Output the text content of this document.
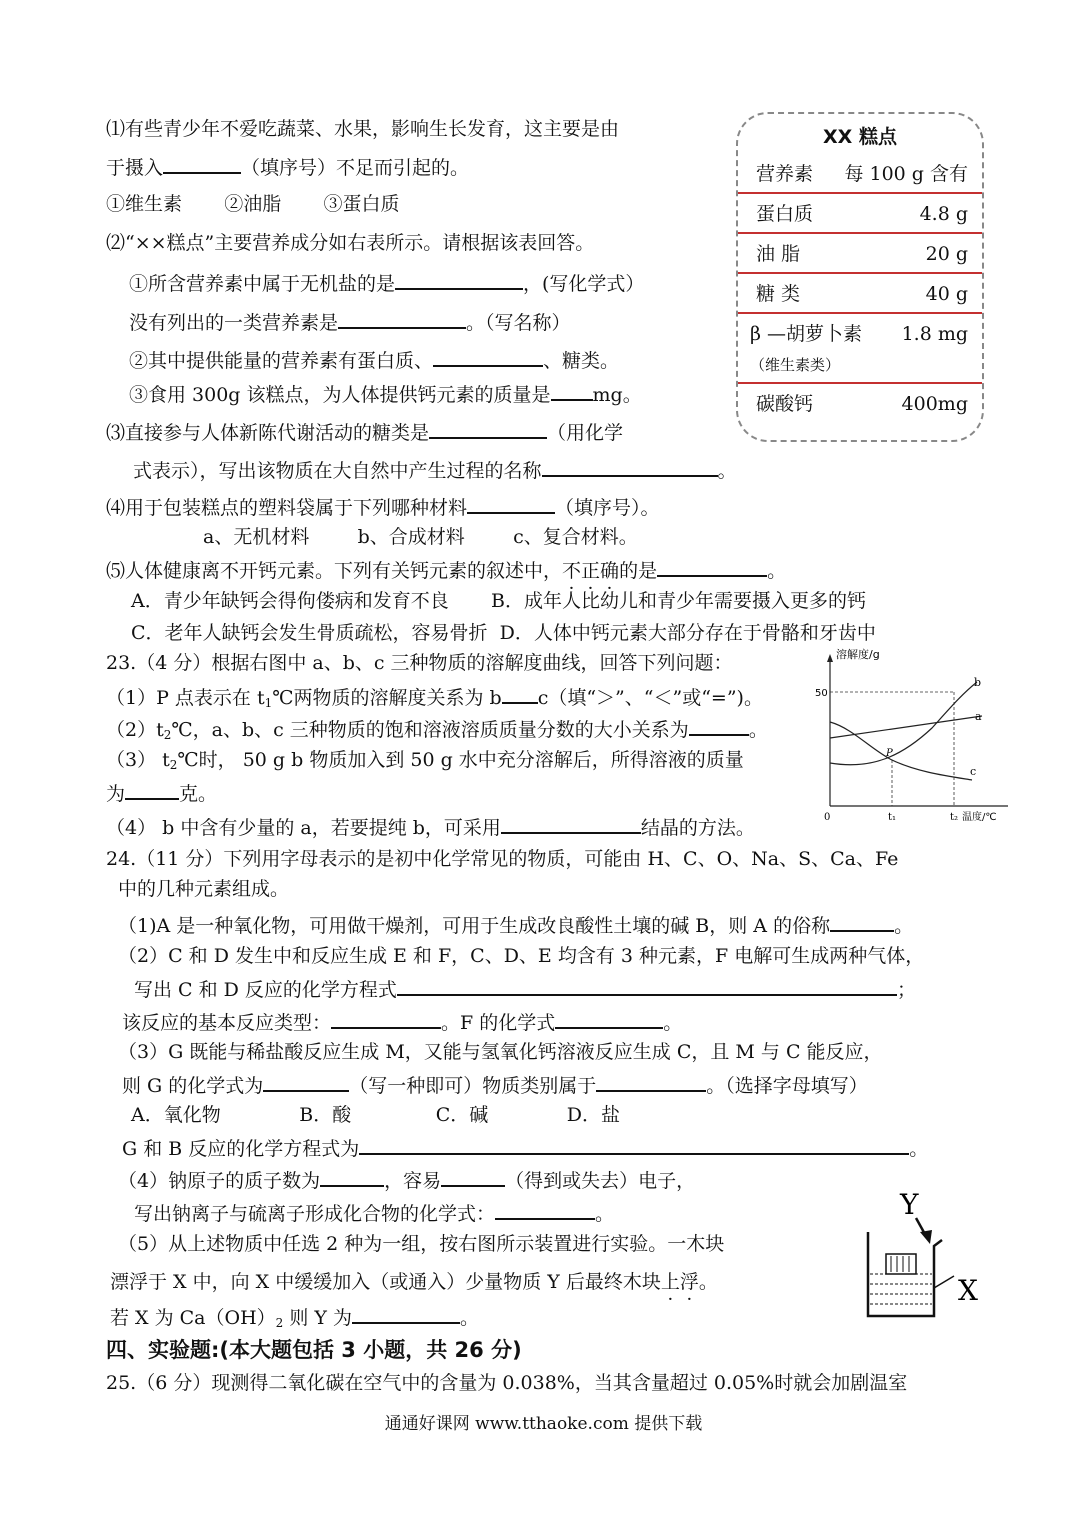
⑴有些青少年不爱吃蔬菜、水果，影响生长发育，这主要是由
于摄入	（填序号）不足而引起的。
①维生素       ②油脂       ③蛋白质
⑵“××糕点”主要营养成分如右表所示。请根据该表回答。
①所含营养素中属于无机盐的是	，(写化学式）
没有列出的一类营养素是	。（写名称）
②其中提供能量的营养素有蛋白质、	、糖类。
③食用 300g 该糕点，为人体提供钙元素的质量是 mg。
⑶直接参与人体新陈代谢活动的糖类是	（用化学
式表示），写出该物质在大自然中产生过程的名称	。
⑷用于包装糕点的塑料袋属于下列哪种材料	（填序号）。
a、无机材料        b、合成材料        c、复合材料。
⑸人体健康离不开钙元素。下列有关钙元素的叙述中，不正确的是	。
A．青少年缺钙会得佝偻病和发育不良       B．成年人比幼儿和青少年需要摄入更多的钙
C．老年人缺钙会发生骨质疏松，容易骨折  D．人体中钙元素大部分存在于骨骼和牙齿中
XX 糕点
营养素 每 100 g 含有
蛋白质	4.8 g
油 脂	20 g
糖 类	40 g
β —胡萝卜素 1.8 mg
（维生素类）
碳酸钙	400mg
23.（4 分）根据右图中 a、b、c 三种物质的溶解度曲线，回答下列问题：
（1）P 点表示在 $t_1℃$两物质的溶解度关系为 b c（填“＞”、“＜”或“=”)。
$(2)t_2℃$，a、b、c 三种物质的饱和溶液溶质质量分数的大小关系为	。
（3） $t_2℃$时， 50 g b 物质加入到 50 g 水中充分溶解后，所得溶液的质量
为	克。
（4） b 中含有少量的 a，若要提纯 b，可采用	结晶的方法。
溶解度/g
50
a
b
c
P
0	t₁	t₂ 温度/℃
24.（11 分）下列用字母表示的是初中化学常见的物质，可能由 H、C、O、Na、S、Ca、Fe
中的几种元素组成。
（1)A 是一种氧化物，可用做干燥剂，可用于生成改良酸性土壤的碱 B，则 A 的俗称	。
（2）C 和 D 发生中和反应生成 E 和 F，C、D、E 均含有 3 种元素，F 电解可生成两种气体，
写出 C 和 D 反应的化学方程式	；
该反应的基本反应类型：	。F 的化学式	。
（3）G 既能与稀盐酸反应生成 M，又能与氢氧化钙溶液反应生成 C，且 M 与 C 能反应，
则 G 的化学式为	（写一种即可）物质类别属于	。（选择字母填写）
A．氧化物             B．酸              C．碱             D．盐
G 和 B 反应的化学方程式为	。
（4）钠原子的质子数为	，容易	（得到或失去）电子，
写出钠离子与硫离子形成化合物的化学式：	。
（5）从上述物质中任选 2 种为一组，按右图所示装置进行实验。一木块
漂浮于 X 中，向 X 中缓缓加入（或通入）少量物质 Y 后最终木块上浮。
若 X 为 $Ca(OH)_2$ 则 Y 为	。
Y
X
四、实验题:(本大题包括 3 小题，共 26 分)
25.（6 分）现测得二氧化碳在空气中的含量为 0.038%，当其含量超过 0.05%时就会加剧温室
通通好课网 www.tthaoke.com 提供下载
